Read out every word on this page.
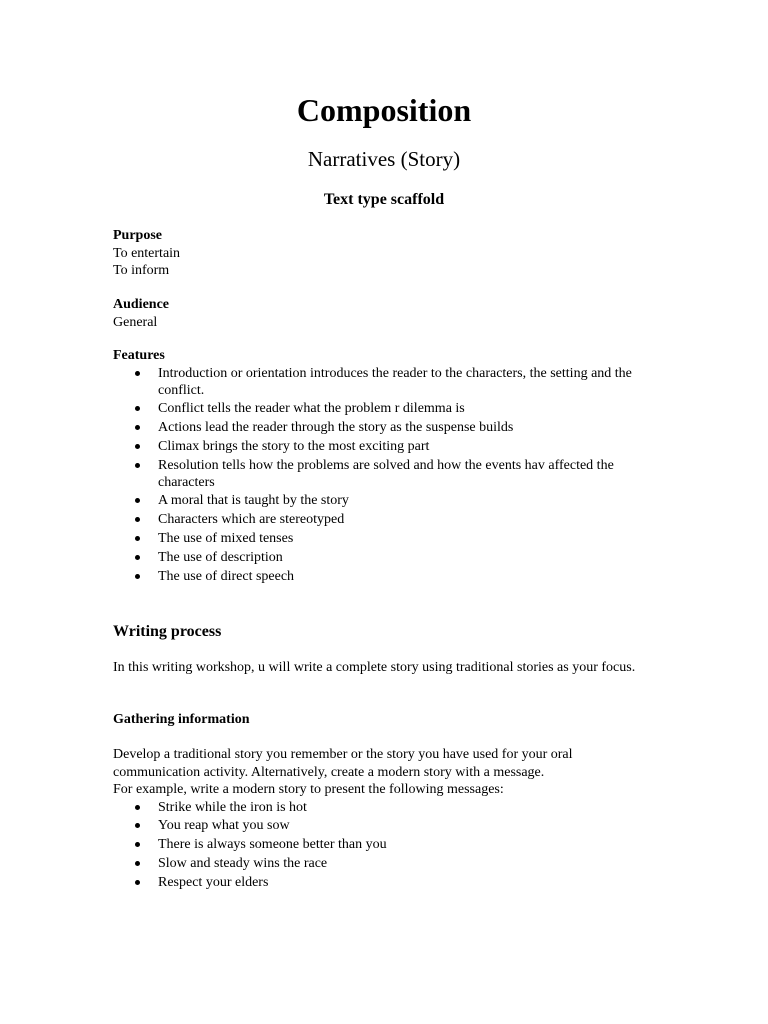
Composition
Narratives (Story)
Text type scaffold
Purpose
To entertain
To inform
Audience
General
Features
Introduction or orientation introduces the reader to the characters, the setting and the conflict.
Conflict tells the reader what the problem r dilemma is
Actions lead the reader through the story as the suspense builds
Climax brings the story to the most exciting part
Resolution tells how the problems are solved and how the events hav affected the characters
A moral that is taught by the story
Characters which are stereotyped
The use of mixed tenses
The use of description
The use of direct speech
Writing process

In this writing workshop, u will write a complete story using traditional stories as your focus.

Gathering information

Develop a traditional story you remember or the story you have used for your oral communication activity. Alternatively, create a modern story with a message.

For example, write a modern story to present the following messages:

Strike while the iron is hot
You reap what you sow
There is always someone better than you
Slow and steady wins the race
Respect your elders
